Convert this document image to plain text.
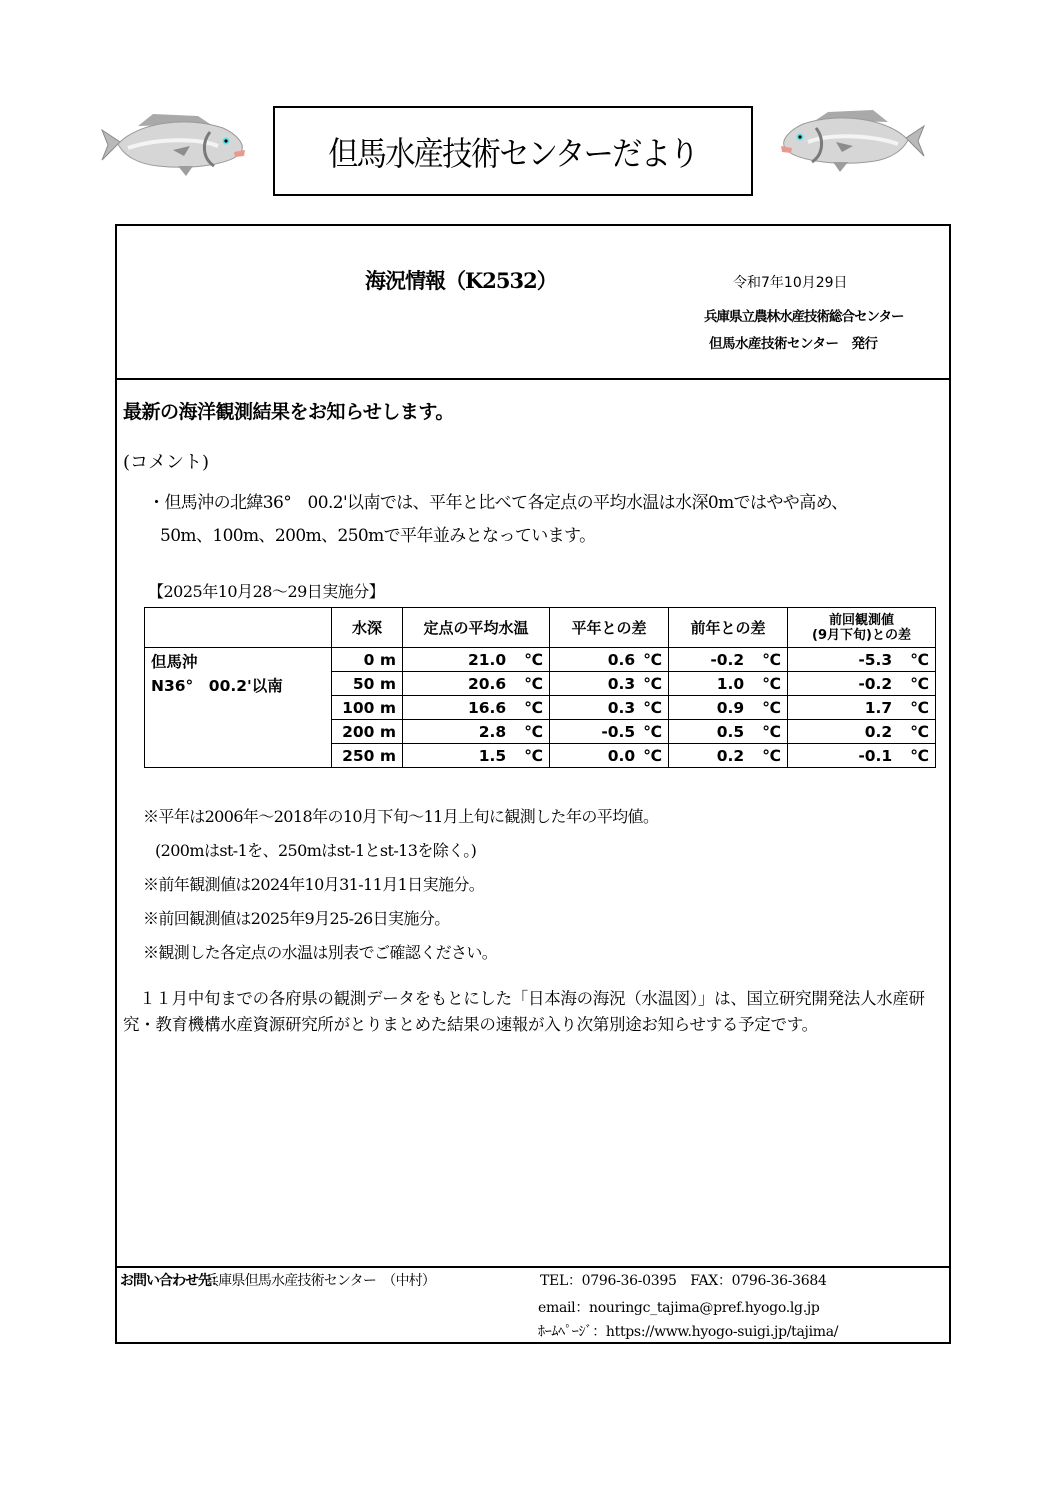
但馬水産技術センターだより
海況情報（K2532）	令和7年10月29日
兵庫県立農林水産技術総合センター
但馬水産技術センター　発行
最新の海洋観測結果をお知らせします。
(コメント)
・但馬沖の北緯36°　00.2'以南では、平年と比べて各定点の平均水温は水深0mではやや高め、
50m、100m、200m、250mで平年並みとなっています。
【2025年10月28～29日実施分】
	水深	定点の平均水温	平年との差	前年との差	前回観測値
(9月下旬)との差

但馬沖
N36°　00.2'以南	0 m	21.0 ℃	0.6 ℃	-0.2 ℃	-5.3 ℃
	50 m	20.6 ℃	0.3 ℃	1.0 ℃	-0.2 ℃
	100 m	16.6 ℃	0.3 ℃	0.9 ℃	1.7 ℃
	200 m	2.8 ℃	-0.5 ℃	0.5 ℃	0.2 ℃
	250 m	1.5 ℃	0.0 ℃	0.2 ℃	-0.1 ℃
※平年は2006年～2018年の10月下旬～11月上旬に観測した年の平均値。
(200mはst-1を、250mはst-1とst-13を除く。)
※前年観測値は2024年10月31-11月1日実施分。
※前回観測値は2025年9月25-26日実施分。
※観測した各定点の水温は別表でご確認ください。
　１１月中旬までの各府県の観測データをもとにした「日本海の海況（水温図）」は、国立研究開発法人水産研究・教育機構水産資源研究所がとりまとめた結果の速報が入り次第別途お知らせする予定です。
お問い合わせ先：
兵庫県但馬水産技術センター　（中村）	TEL：0796-36-0395　FAX：0796-36-3684
email：nouringc_tajima@pref.hyogo.lg.jp
ﾎｰﾑﾍﾟｰｼﾞ：https://www.hyogo-suigi.jp/tajima/
